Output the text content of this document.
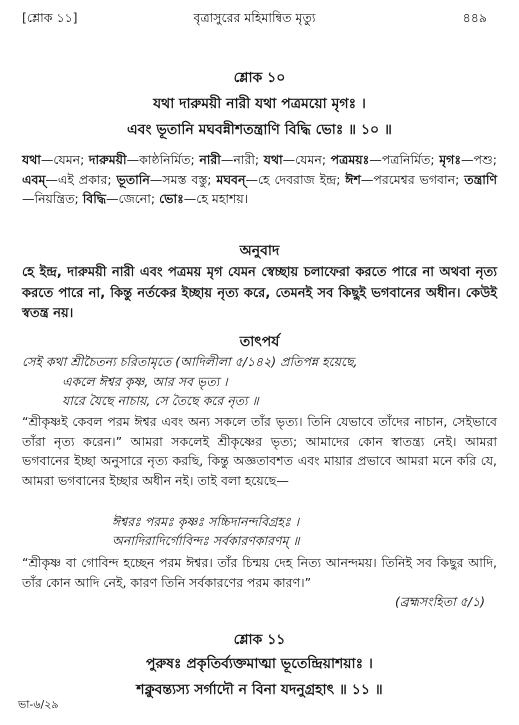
[শ্লোক ১১]	বৃত্রাসুরের মহিমান্বিত মৃত্যু	৪৪৯
শ্লোক ১০
যথা দারুময়ী নারী যথা পত্রময়ো মৃগঃ ।
এবং ভূতানি মঘবন্নীশতন্ত্রাণি বিদ্ধি ভোঃ ॥ ১০ ॥
যথা—যেমন; দারুময়ী—কাষ্ঠনির্মিত; নারী—নারী; যথা—যেমন; পত্রময়ঃ—পত্রনির্মিত; মৃগঃ—পশু; এবম্—এই প্রকার; ভূতানি—সমস্ত বস্তু; মঘবন্—হে দেবরাজ ইন্দ্র; ঈশ—পরমেশ্বর ভগবান; তন্ত্রাণি—নিয়ন্ত্রিত; বিদ্ধি—জেনো; ভোঃ—হে মহাশয়।
অনুবাদ
হে ইন্দ্র, দারুময়ী নারী এবং পত্রময় মৃগ যেমন স্বেচ্ছায় চলাফেরা করতে পারে না অথবা নৃত্য করতে পারে না, কিন্তু নর্তকের ইচ্ছায় নৃত্য করে, তেমনই সব কিছুই ভগবানের অধীন। কেউই স্বতন্ত্র নয়।
তাৎপর্য
সেই কথা শ্রীচৈতন্য চরিতামৃতে (আদিলীলা ৫/১৪২) প্রতিপন্ন হয়েছে,
একলে ঈশ্বর কৃষ্ণ, আর সব ভৃত্য ।
যারে যৈছে নাচায়, সে তৈছে করে নৃত্য ॥
“শ্রীকৃষ্ণই কেবল পরম ঈশ্বর এবং অন্য সকলে তাঁর ভৃত্য। তিনি যেভাবে তাঁদের নাচান, সেইভাবে তাঁরা নৃত্য করেন।” আমরা সকলেই শ্রীকৃষ্ণের ভৃত্য; আমাদের কোন স্বাতন্ত্র্য নেই। আমরা ভগবানের ইচ্ছা অনুসারে নৃত্য করছি, কিন্তু অজ্ঞতাবশত এবং মায়ার প্রভাবে আমরা মনে করি যে, আমরা ভগবানের ইচ্ছার অধীন নই। তাই বলা হয়েছে—
ঈশ্বরঃ পরমঃ কৃষ্ণঃ সচ্চিদানন্দবিগ্রহঃ ।
অনাদিরাদির্গোবিন্দঃ সর্বকারণকারণম্ ॥
“শ্রীকৃষ্ণ বা গোবিন্দ হচ্ছেন পরম ঈশ্বর। তাঁর চিন্ময় দেহ নিত্য আনন্দময়। তিনিই সব কিছুর আদি, তাঁর কোন আদি নেই, কারণ তিনি সর্বকারণের পরম কারণ।”
(ব্রহ্মসংহিতা ৫/১)
শ্লোক ১১
পুরুষঃ প্রকৃতির্ব্যক্তমাত্মা ভূতেন্দ্রিয়াশয়াঃ ।
শক্নুবন্ত্যস্য সর্গাদৌ ন বিনা যদনুগ্রহাৎ ॥ ১১ ॥
ভা-৬/২৯
